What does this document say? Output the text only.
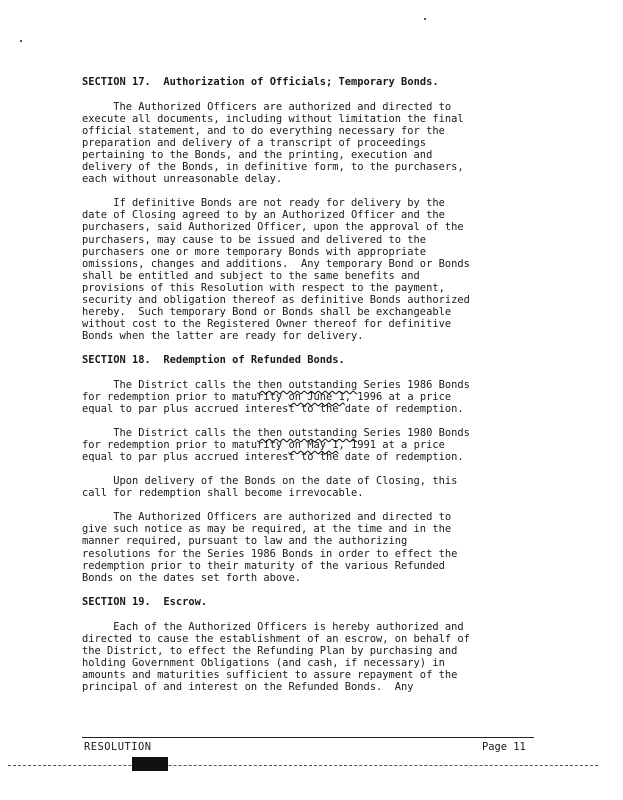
SECTION 17. Authorization of Officials; Temporary Bonds.
The Authorized Officers are authorized and directed to
execute all documents, including without limitation the final
official statement, and to do everything necessary for the
preparation and delivery of a transcript of proceedings
pertaining to the Bonds, and the printing, execution and
delivery of the Bonds, in definitive form, to the purchasers,
each without unreasonable delay.
If definitive Bonds are not ready for delivery by the
date of Closing agreed to by an Authorized Officer and the
purchasers, said Authorized Officer, upon the approval of the
purchasers, may cause to be issued and delivered to the
purchasers one or more temporary Bonds with appropriate
omissions, changes and additions.  Any temporary Bond or Bonds
shall be entitled and subject to the same benefits and
provisions of this Resolution with respect to the payment,
security and obligation thereof as definitive Bonds authorized
hereby.  Such temporary Bond or Bonds shall be exchangeable
without cost to the Registered Owner thereof for definitive
Bonds when the latter are ready for delivery.
SECTION 18. Redemption of Refunded Bonds.
The District calls the then outstanding Series 1986 Bonds
for redemption prior to maturity on June 1, 1996 at a price
equal to par plus accrued interest to the date of redemption.
The District calls the then outstanding Series 1980 Bonds
for redemption prior to maturity on May 1, 1991 at a price
equal to par plus accrued interest to the date of redemption.
Upon delivery of the Bonds on the date of Closing, this
call for redemption shall become irrevocable.
The Authorized Officers are authorized and directed to
give such notice as may be required, at the time and in the
manner required, pursuant to law and the authorizing
resolutions for the Series 1986 Bonds in order to effect the
redemption prior to their maturity of the various Refunded
Bonds on the dates set forth above.
SECTION 19. Escrow.
Each of the Authorized Officers is hereby authorized and
directed to cause the establishment of an escrow, on behalf of
the District, to effect the Refunding Plan by purchasing and
holding Government Obligations (and cash, if necessary) in
amounts and maturities sufficient to assure repayment of the
principal of and interest on the Refunded Bonds.  Any
RESOLUTION	Page 11
